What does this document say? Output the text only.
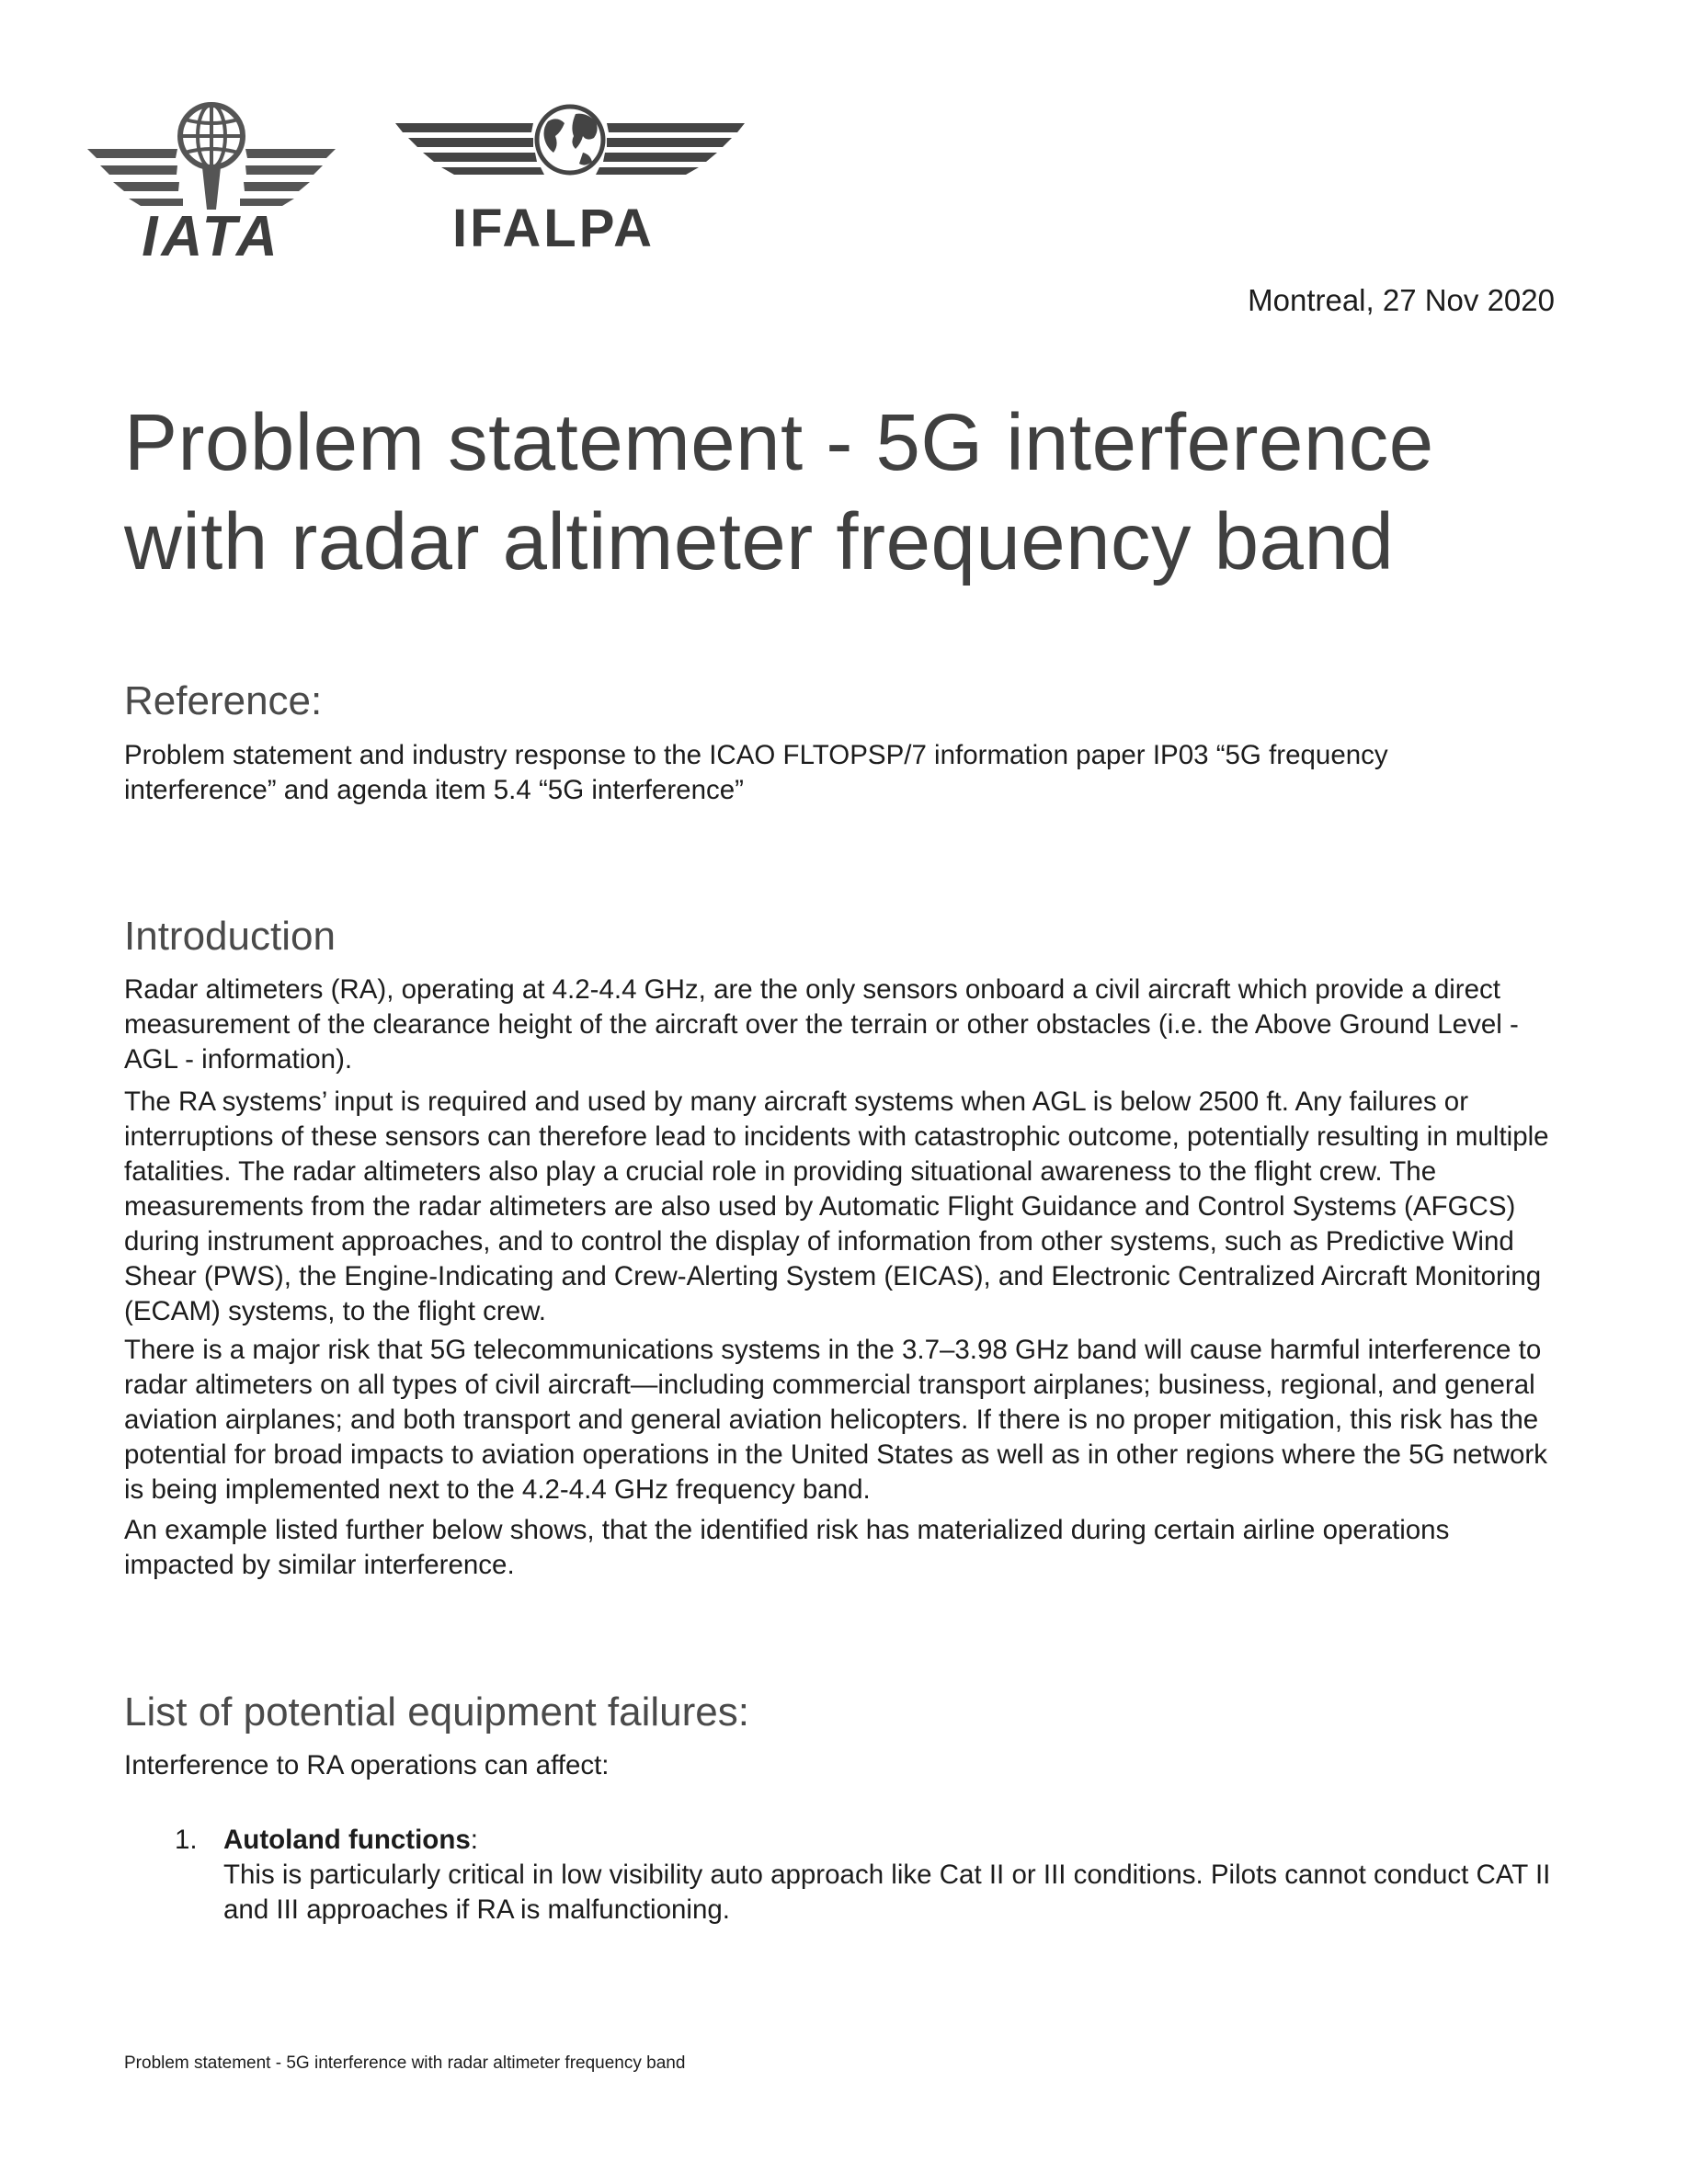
IATA	IFALPA
Montreal, 27 Nov 2020
Problem statement - 5G interference
with radar altimeter frequency band
Reference:

Problem statement and industry response to the ICAO FLTOPSP/7 information paper IP03 “5G frequency interference” and agenda item 5.4 “5G interference”

Introduction

Radar altimeters (RA), operating at 4.2-4.4 GHz, are the only sensors onboard a civil aircraft which provide a direct measurement of the clearance height of the aircraft over the terrain or other obstacles (i.e. the Above Ground Level - AGL - information).

The RA systems’ input is required and used by many aircraft systems when AGL is below 2500 ft. Any failures or interruptions of these sensors can therefore lead to incidents with catastrophic outcome, potentially resulting in multiple fatalities. The radar altimeters also play a crucial role in providing situational awareness to the flight crew. The measurements from the radar altimeters are also used by Automatic Flight Guidance and Control Systems (AFGCS) during instrument approaches, and to control the display of information from other systems, such as Predictive Wind Shear (PWS), the Engine-Indicating and Crew-Alerting System (EICAS), and Electronic Centralized Aircraft Monitoring (ECAM) systems, to the flight crew.

There is a major risk that 5G telecommunications systems in the 3.7–3.98 GHz band will cause harmful interference to radar altimeters on all types of civil aircraft—including commercial transport airplanes; business, regional, and general aviation airplanes; and both transport and general aviation helicopters. If there is no proper mitigation, this risk has the potential for broad impacts to aviation operations in the United States as well as in other regions where the 5G network is being implemented next to the 4.2-4.4 GHz frequency band.

An example listed further below shows, that the identified risk has materialized during certain airline operations impacted by similar interference.

List of potential equipment failures:

Interference to RA operations can affect:

1. Autoland functions:
This is particularly critical in low visibility auto approach like Cat II or III conditions. Pilots cannot conduct CAT II and III approaches if RA is malfunctioning.
Problem statement - 5G interference with radar altimeter frequency band
